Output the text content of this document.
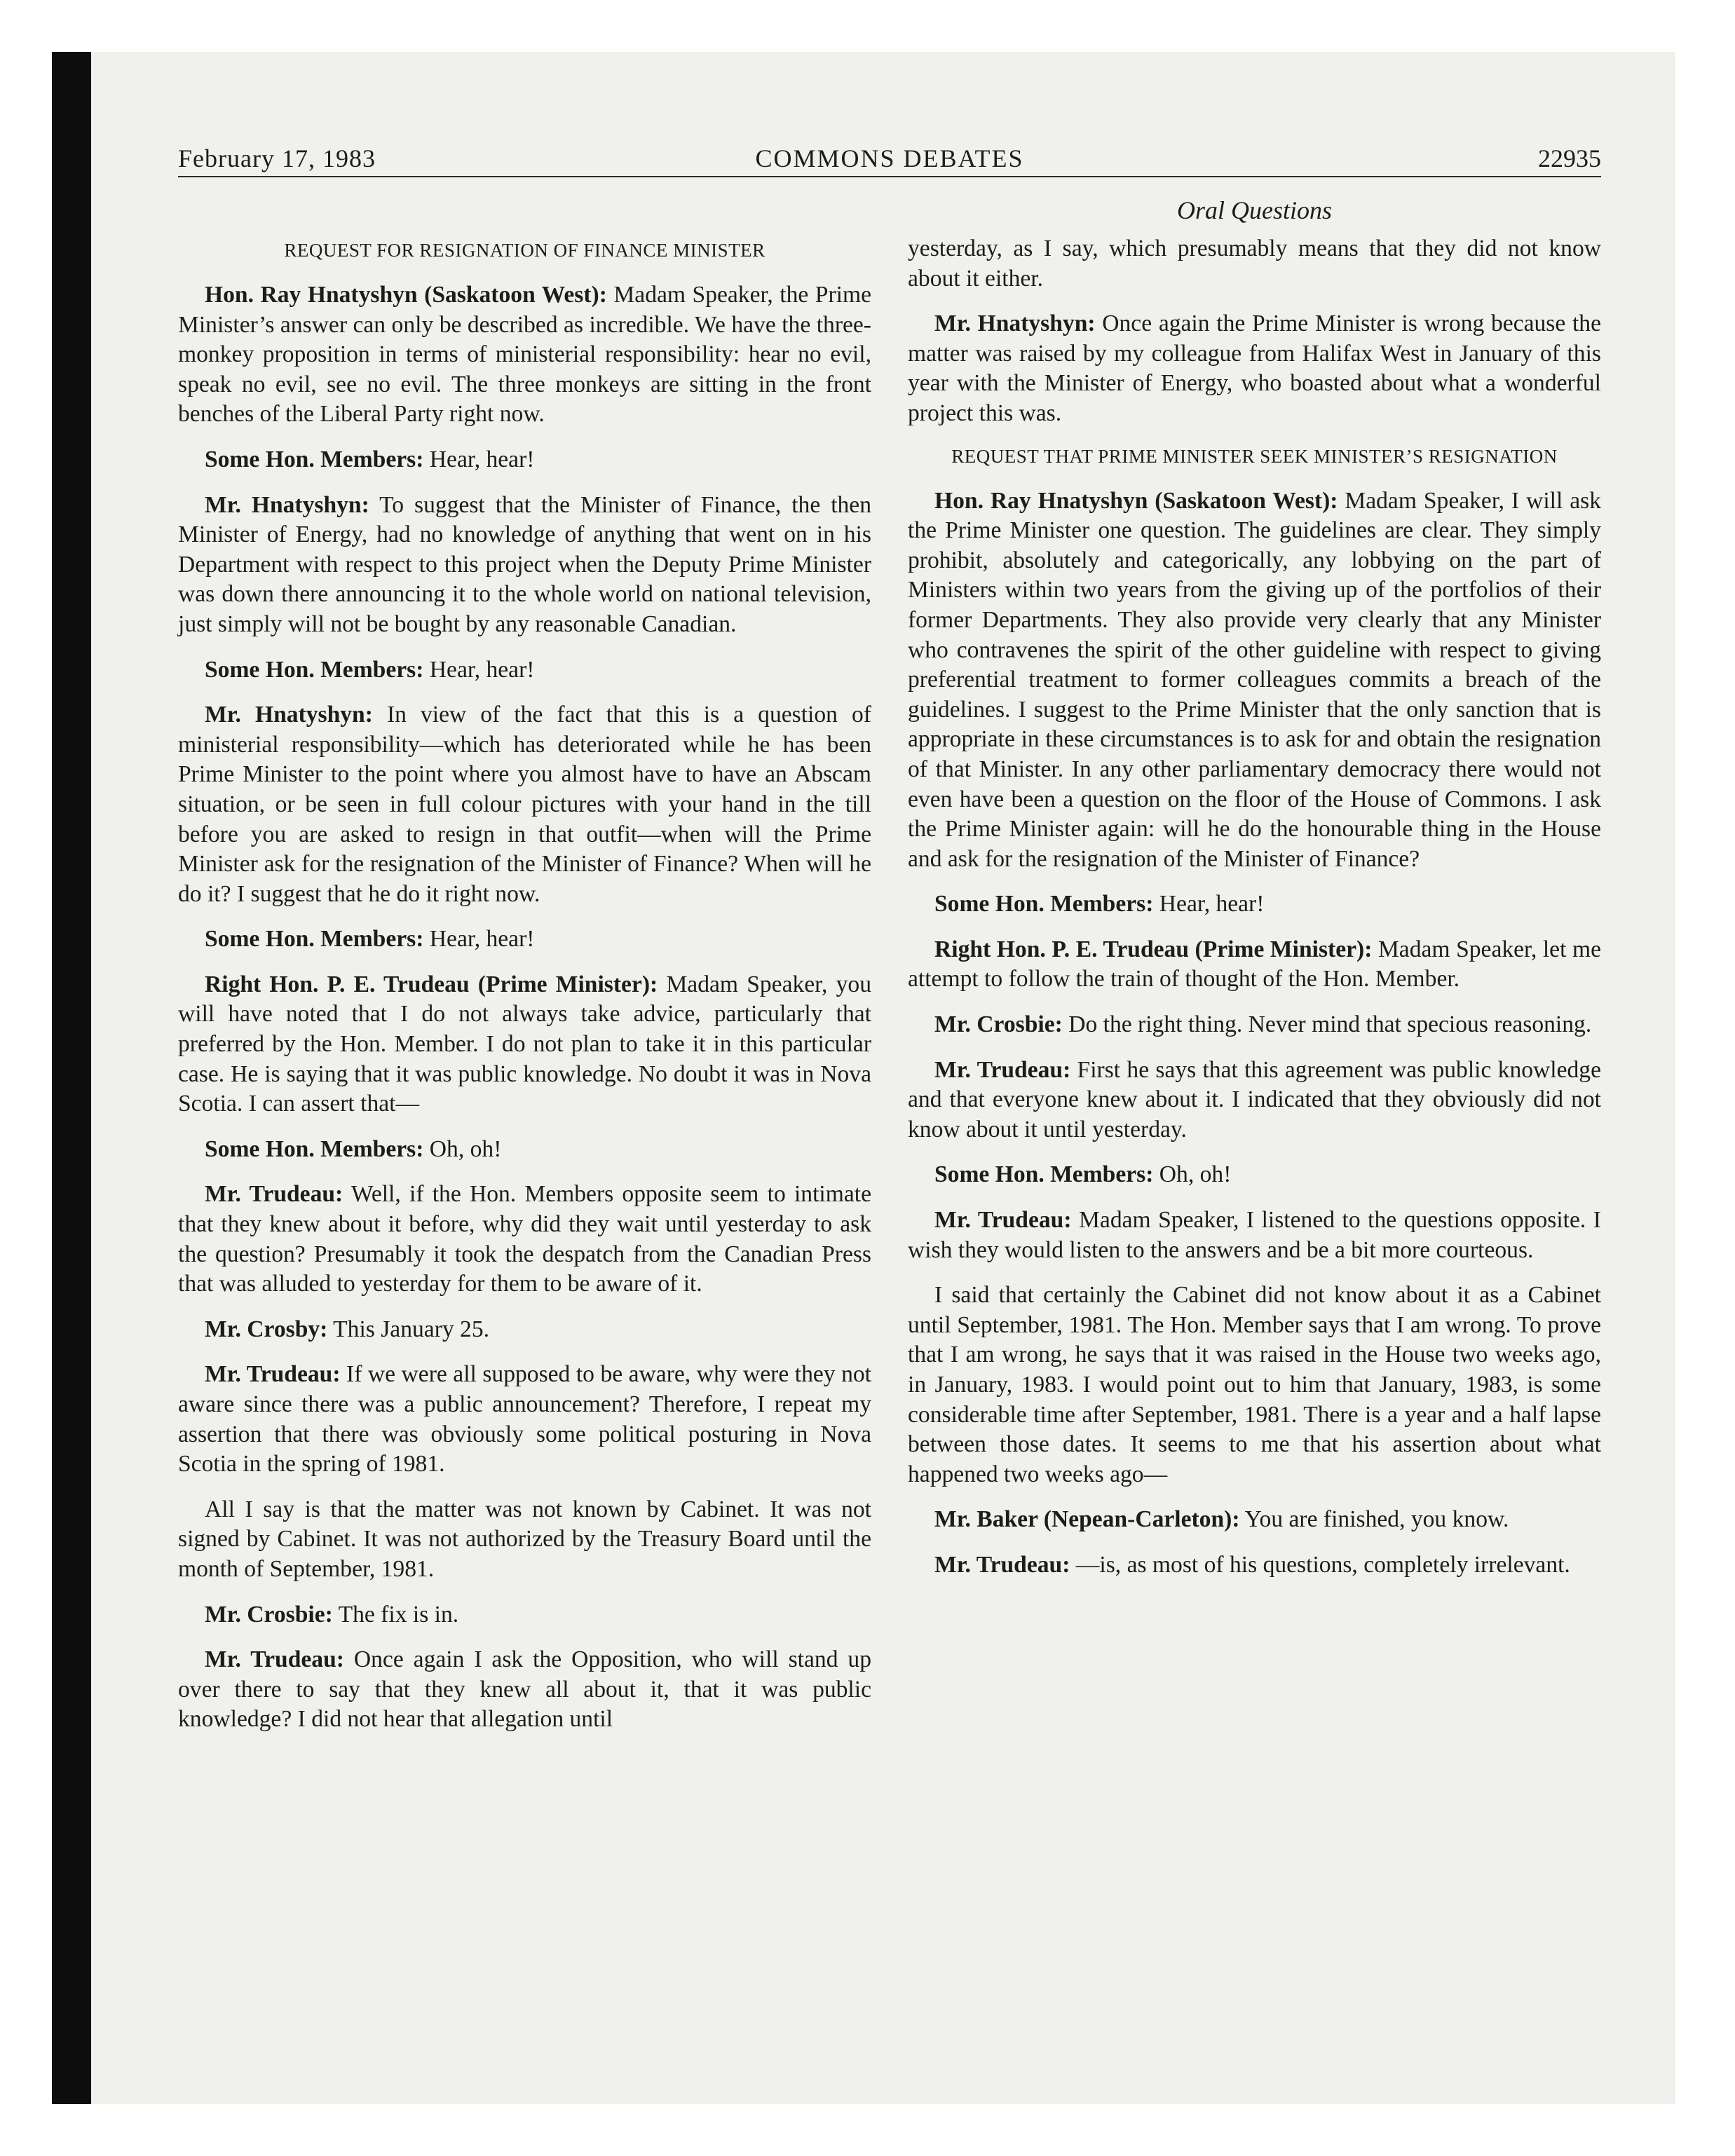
February 17, 1983	COMMONS DEBATES	22935
Oral Questions
REQUEST FOR RESIGNATION OF FINANCE MINISTER

Hon. Ray Hnatyshyn (Saskatoon West): Madam Speaker, the Prime Minister’s answer can only be described as incredible. We have the three-monkey proposition in terms of ministerial responsibility: hear no evil, speak no evil, see no evil. The three monkeys are sitting in the front benches of the Liberal Party right now.

Some Hon. Members: Hear, hear!

Mr. Hnatyshyn: To suggest that the Minister of Finance, the then Minister of Energy, had no knowledge of anything that went on in his Department with respect to this project when the Deputy Prime Minister was down there announcing it to the whole world on national television, just simply will not be bought by any reasonable Canadian.

Some Hon. Members: Hear, hear!

Mr. Hnatyshyn: In view of the fact that this is a question of ministerial responsibility—which has deteriorated while he has been Prime Minister to the point where you almost have to have an Abscam situation, or be seen in full colour pictures with your hand in the till before you are asked to resign in that outfit—when will the Prime Minister ask for the resignation of the Minister of Finance? When will he do it? I suggest that he do it right now.

Some Hon. Members: Hear, hear!

Right Hon. P. E. Trudeau (Prime Minister): Madam Speaker, you will have noted that I do not always take advice, particularly that preferred by the Hon. Member. I do not plan to take it in this particular case. He is saying that it was public knowledge. No doubt it was in Nova Scotia. I can assert that—

Some Hon. Members: Oh, oh!

Mr. Trudeau: Well, if the Hon. Members opposite seem to intimate that they knew about it before, why did they wait until yesterday to ask the question? Presumably it took the despatch from the Canadian Press that was alluded to yesterday for them to be aware of it.

Mr. Crosby: This January 25.

Mr. Trudeau: If we were all supposed to be aware, why were they not aware since there was a public announcement? Therefore, I repeat my assertion that there was obviously some political posturing in Nova Scotia in the spring of 1981.

All I say is that the matter was not known by Cabinet. It was not signed by Cabinet. It was not authorized by the Treasury Board until the month of September, 1981.

Mr. Crosbie: The fix is in.

Mr. Trudeau: Once again I ask the Opposition, who will stand up over there to say that they knew all about it, that it was public knowledge? I did not hear that allegation until

yesterday, as I say, which presumably means that they did not know about it either.

Mr. Hnatyshyn: Once again the Prime Minister is wrong because the matter was raised by my colleague from Halifax West in January of this year with the Minister of Energy, who boasted about what a wonderful project this was.

REQUEST THAT PRIME MINISTER SEEK MINISTER’S RESIGNATION

Hon. Ray Hnatyshyn (Saskatoon West): Madam Speaker, I will ask the Prime Minister one question. The guidelines are clear. They simply prohibit, absolutely and categorically, any lobbying on the part of Ministers within two years from the giving up of the portfolios of their former Departments. They also provide very clearly that any Minister who contravenes the spirit of the other guideline with respect to giving preferential treatment to former colleagues commits a breach of the guidelines. I suggest to the Prime Minister that the only sanction that is appropriate in these circumstances is to ask for and obtain the resignation of that Minister. In any other parliamentary democracy there would not even have been a question on the floor of the House of Commons. I ask the Prime Minister again: will he do the honourable thing in the House and ask for the resignation of the Minister of Finance?

Some Hon. Members: Hear, hear!

Right Hon. P. E. Trudeau (Prime Minister): Madam Speaker, let me attempt to follow the train of thought of the Hon. Member.

Mr. Crosbie: Do the right thing. Never mind that specious reasoning.

Mr. Trudeau: First he says that this agreement was public knowledge and that everyone knew about it. I indicated that they obviously did not know about it until yesterday.

Some Hon. Members: Oh, oh!

Mr. Trudeau: Madam Speaker, I listened to the questions opposite. I wish they would listen to the answers and be a bit more courteous.

I said that certainly the Cabinet did not know about it as a Cabinet until September, 1981. The Hon. Member says that I am wrong. To prove that I am wrong, he says that it was raised in the House two weeks ago, in January, 1983. I would point out to him that January, 1983, is some considerable time after September, 1981. There is a year and a half lapse between those dates. It seems to me that his assertion about what happened two weeks ago—

Mr. Baker (Nepean-Carleton): You are finished, you know.

Mr. Trudeau: —is, as most of his questions, completely irrelevant.
